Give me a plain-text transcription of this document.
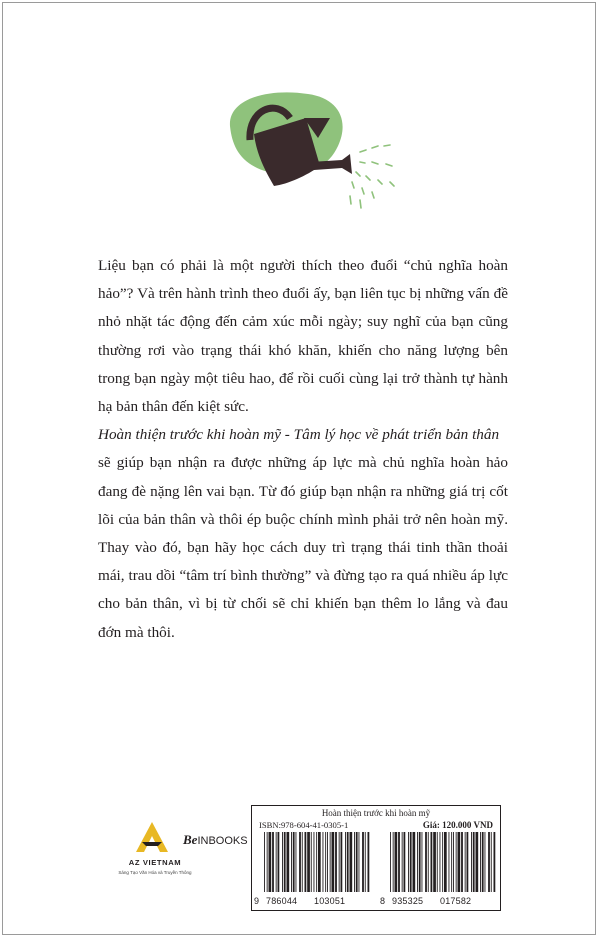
Liệu bạn có phải là một người thích theo đuổi “chủ nghĩa hoàn hảo”? Và trên hành trình theo đuổi ấy, bạn liên tục bị những vấn đề nhỏ nhặt tác động đến cảm xúc mỗi ngày; suy nghĩ của bạn cũng thường rơi vào trạng thái khó khăn, khiến cho năng lượng bên trong bạn ngày một tiêu hao, để rồi cuối cùng lại trở thành tự hành hạ bản thân đến kiệt sức.

Hoàn thiện trước khi hoàn mỹ - Tâm lý học về phát triển bản thân
sẽ giúp bạn nhận ra được những áp lực mà chủ nghĩa hoàn hảo đang đè nặng lên vai bạn. Từ đó giúp bạn nhận ra những giá trị cốt lõi của bản thân và thôi ép buộc chính mình phải trở nên hoàn mỹ. Thay vào đó, bạn hãy học cách duy trì trạng thái tinh thần thoải mái, trau dồi “tâm trí bình thường” và đừng tạo ra quá nhiều áp lực cho bản thân, vì bị từ chối sẽ chỉ khiến bạn thêm lo lắng và đau đớn mà thôi.

AZ VIETNAM
Sáng Tạo Văn Hóa và Truyền Thông
BeINBOOKS
Hoàn thiện trước khi hoàn mỹ
ISBN:978-604-41-0305-1	Giá: 120.000 VND
9 786044 103051	8 935325 017582
